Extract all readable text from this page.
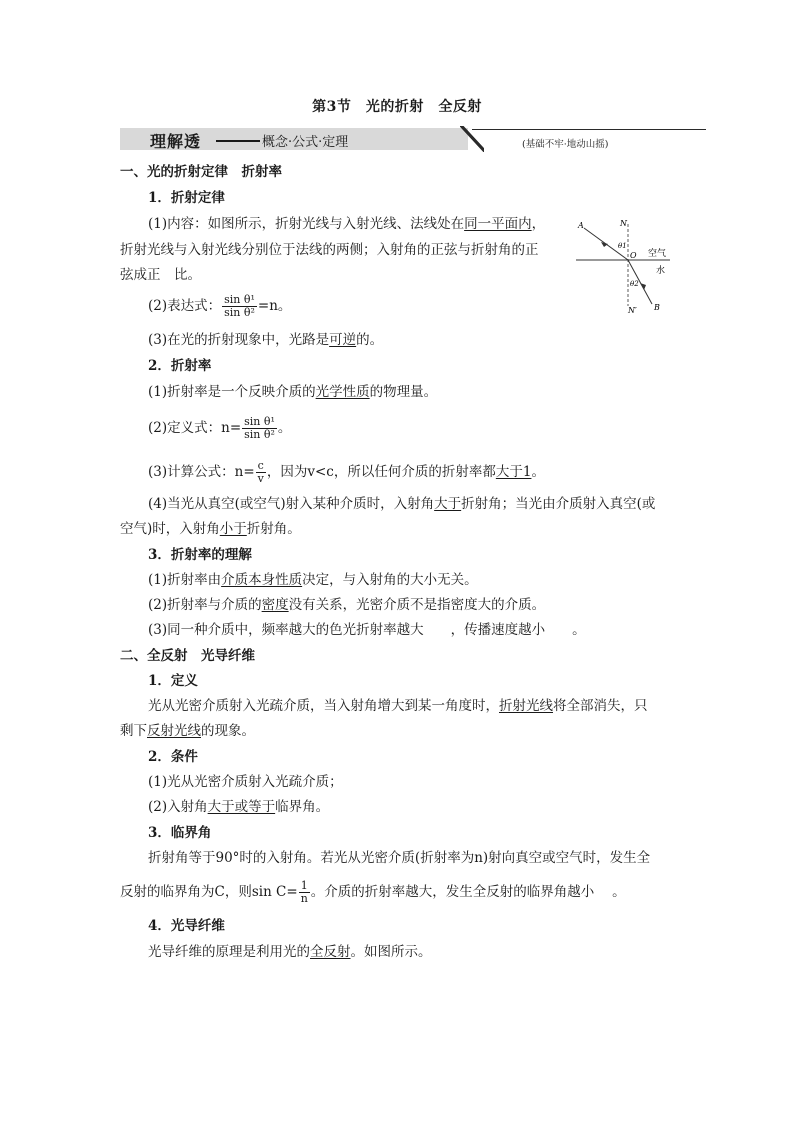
第3节　光的折射　全反射
理解透	概念·公式·定理	(基础不牢·地动山摇)
一、光的折射定律　折射率
1．折射定律
(1)内容：如图所示，折射光线与入射光线、法线处在同一平面内，
折射光线与入射光线分别位于法线的两侧；入射角的正弦与折射角的正
弦成正　比。
(2)表达式： $\frac{\text{sin θ¹}}{\text{sin θ²}} =n$。
(3)在光的折射现象中，光路是可逆的。
2．折射率
(1)折射率是一个反映介质的光学性质的物理量。
(2)定义式：$n= \frac{\text{sin θ¹}}{\text{sin θ²}}$ 。
(3)计算公式：$n= \frac{c}{v}$ ，因为v<c，所以任何介质的折射率都大于1。
(4)当光从真空(或空气)射入某种介质时，入射角大于折射角；当光由介质射入真空(或
空气)时，入射角小于折射角。
3．折射率的理解
(1)折射率由介质本身性质决定，与入射角的大小无关。
(2)折射率与介质的密度没有关系，光密介质不是指密度大的介质。
(3)同一种介质中，频率越大的色光折射率越大　　，传播速度越小　　。
二、全反射　光导纤维
1．定义
光从光密介质射入光疏介质，当入射角增大到某一角度时，折射光线将全部消失，只
剩下反射光线的现象。
2．条件
(1)光从光密介质射入光疏介质；
(2)入射角大于或等于临界角。
3．临界角
折射角等于90°时的入射角。若光从光密介质(折射率为n)射向真空或空气时，发生全
反射的临界角为C，则$\sin C= \frac{1}{n}$ 。介质的折射率越大，发生全反射的临界角越小　 。
4．光导纤维
光导纤维的原理是利用光的全反射。如图所示。
A	N
θ1
O 空气
水
θ2
N′ B
